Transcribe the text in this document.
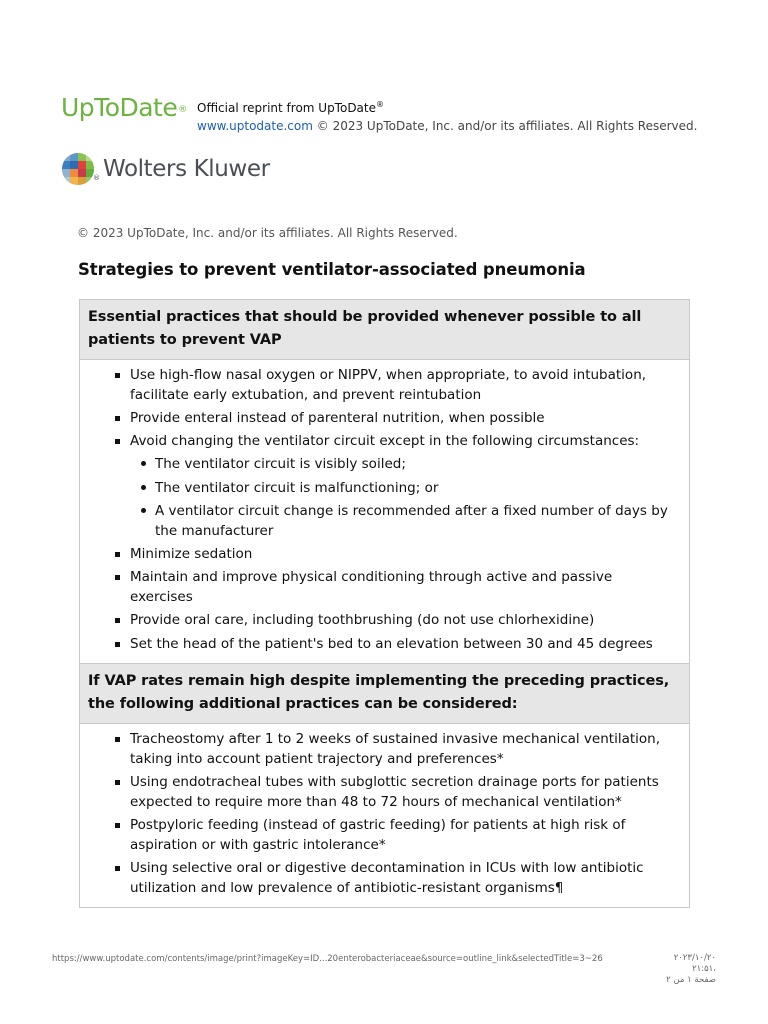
UpToDate® Official reprint from UpToDate®
www.uptodate.com © 2023 UpToDate, Inc. and/or its affiliates. All Rights Reserved.
® Wolters Kluwer
© 2023 UpToDate, Inc. and/or its affiliates. All Rights Reserved.
Strategies to prevent ventilator-associated pneumonia
Essential practices that should be provided whenever possible to all patients to prevent VAP
Use high-flow nasal oxygen or NIPPV, when appropriate, to avoid intubation, facilitate early extubation, and prevent reintubation
Provide enteral instead of parenteral nutrition, when possible
Avoid changing the ventilator circuit except in the following circumstances:
The ventilator circuit is visibly soiled;
The ventilator circuit is malfunctioning; or
A ventilator circuit change is recommended after a fixed number of days by the manufacturer
Minimize sedation
Maintain and improve physical conditioning through active and passive exercises
Provide oral care, including toothbrushing (do not use chlorhexidine)
Set the head of the patient's bed to an elevation between 30 and 45 degrees
If VAP rates remain high despite implementing the preceding practices, the following additional practices can be considered:
Tracheostomy after 1 to 2 weeks of sustained invasive mechanical ventilation, taking into account patient trajectory and preferences*
Using endotracheal tubes with subglottic secretion drainage ports for patients expected to require more than 48 to 72 hours of mechanical ventilation*
Postpyloric feeding (instead of gastric feeding) for patients at high risk of aspiration or with gastric intolerance*
Using selective oral or digestive decontamination in ICUs with low antibiotic utilization and low prevalence of antibiotic-resistant organisms¶
https://www.uptodate.com/contents/image/print?imageKey=ID...20enterobacteriaceae&source=outline_link&selectedTitle=3~26	۲۰۲۳/۱۰/۲۰ ،۲۱:۵۱
صفحة ۱ من ۲
